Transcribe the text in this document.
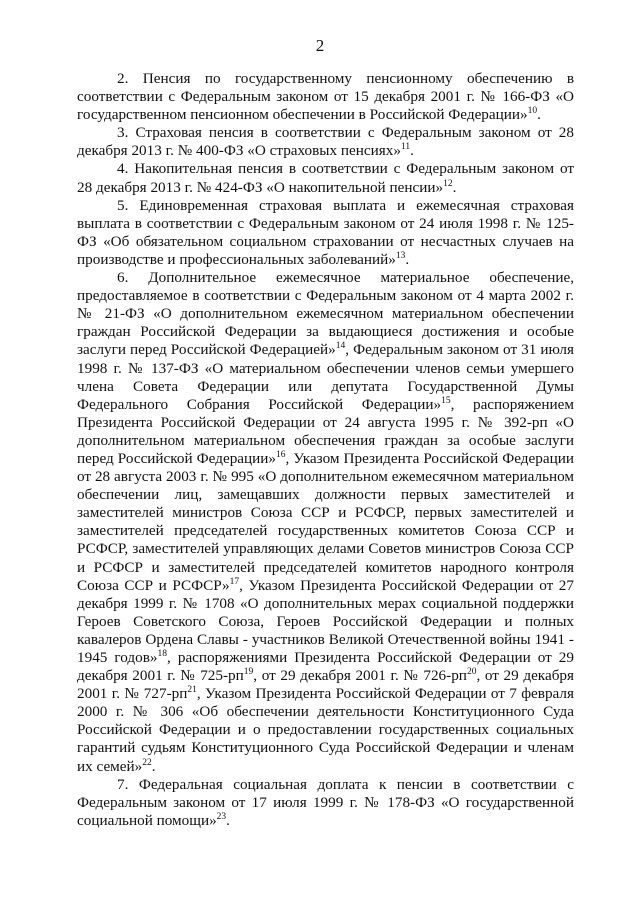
2

2. Пенсия по государственному пенсионному обеспечению в соответствии с Федеральным законом от 15 декабря 2001 г. № 166-ФЗ «О государственном пенсионном обеспечении в Российской Федерации»$^{10}$.

3. Страховая пенсия в соответствии с Федеральным законом от 28 декабря 2013 г. № 400-ФЗ «О страховых пенсиях»$^{11}$.

4. Накопительная пенсия в соответствии с Федеральным законом от 28 декабря 2013 г. № 424-ФЗ «О накопительной пенсии»$^{12}$.

5. Единовременная страховая выплата и ежемесячная страховая выплата в соответствии с Федеральным законом от 24 июля 1998 г. № 125-ФЗ «Об обязательном социальном страховании от несчастных случаев на производстве и профессиональных заболеваний»$^{13}$.

6. Дополнительное ежемесячное материальное обеспечение, предоставляемое в соответствии с Федеральным законом от 4 марта 2002 г. № 21-ФЗ «О дополнительном ежемесячном материальном обеспечении граждан Российской Федерации за выдающиеся достижения и особые заслуги перед Российской Федерацией»$^{14}$, Федеральным законом от 31 июля 1998 г. № 137-ФЗ «О материальном обеспечении членов семьи умершего члена Совета Федерации или депутата Государственной Думы Федерального Собрания Российской Федерации»$^{15}$, распоряжением Президента Российской Федерации от 24 августа 1995 г. № 392-рп «О дополнительном материальном обеспечения граждан за особые заслуги перед Российской Федерации»$^{16}$, Указом Президента Российской Федерации от 28 августа 2003 г. № 995 «О дополнительном ежемесячном материальном обеспечении лиц, замещавших должности первых заместителей и заместителей министров Союза ССР и РСФСР, первых заместителей и заместителей председателей государственных комитетов Союза ССР и РСФСР, заместителей управляющих делами Советов министров Союза ССР и РСФСР и заместителей председателей комитетов народного контроля Союза ССР и РСФСР»$^{17}$, Указом Президента Российской Федерации от 27 декабря 1999 г. № 1708 «О дополнительных мерах социальной поддержки Героев Советского Союза, Героев Российской Федерации и полных кавалеров Ордена Славы - участников Великой Отечественной войны 1941 - 1945 годов»$^{18}$, распоряжениями Президента Российской Федерации от 29 декабря 2001 г. № $725-рп^{19}$, от 29 декабря 2001 г. № $726-рп^{20}$, от 29 декабря 2001 г. № $727-рп^{21}$, Указом Президента Российской Федерации от 7 февраля 2000 г. № 306 «Об обеспечении деятельности Конституционного Суда Российской Федерации и о предоставлении государственных социальных гарантий судьям Конституционного Суда Российской Федерации и членам их семей»$^{22}$.

7. Федеральная социальная доплата к пенсии в соответствии с Федеральным законом от 17 июля 1999 г. № 178-ФЗ «О государственной социальной помощи»$^{23}$.
